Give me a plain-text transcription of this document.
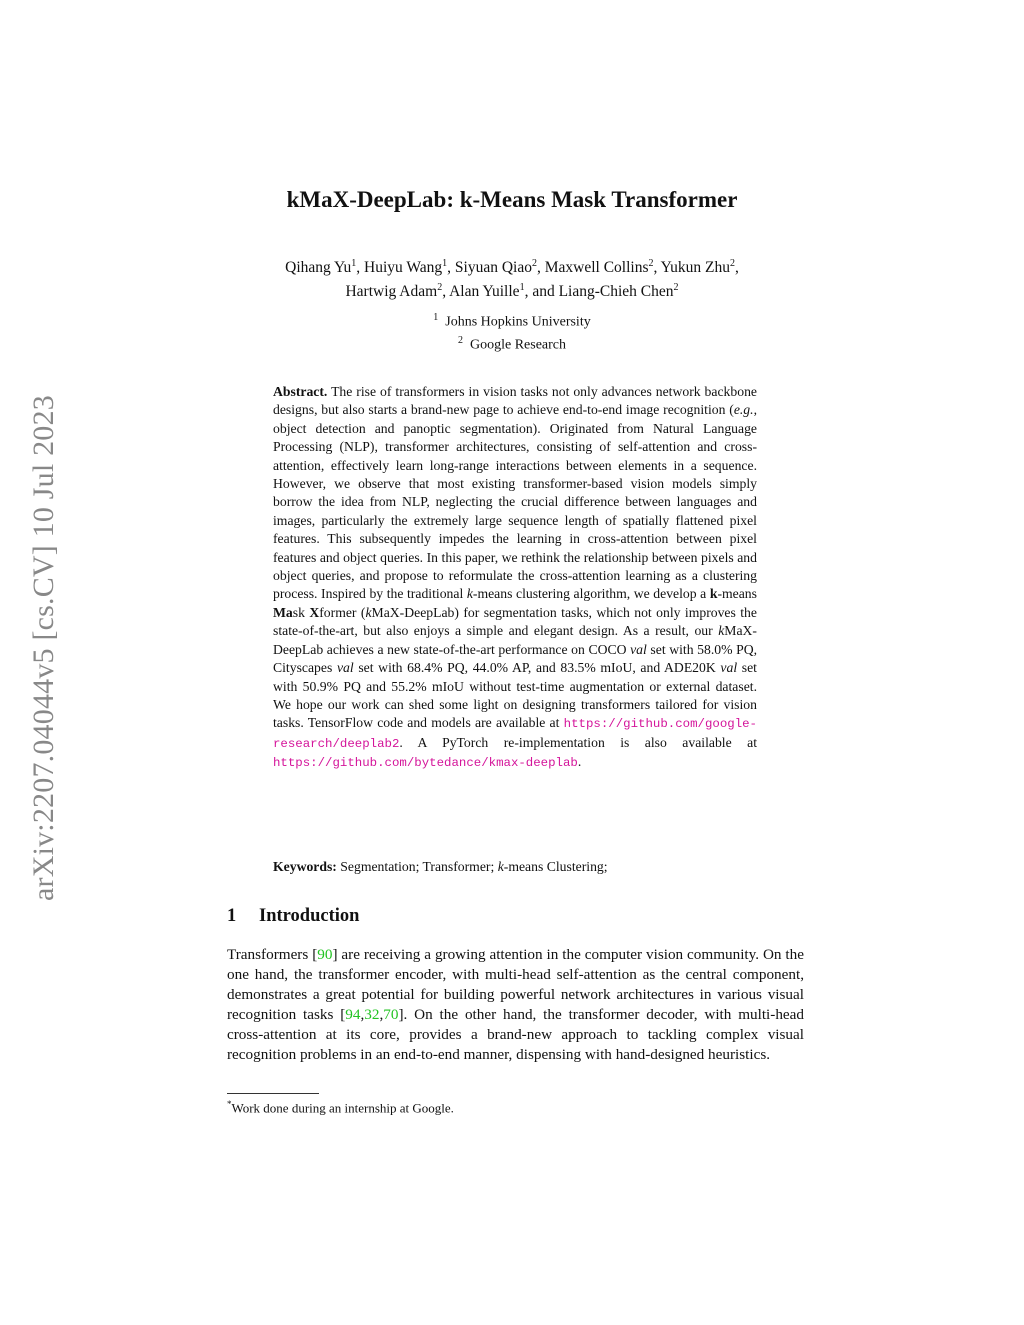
arXiv:2207.04044v5 [cs.CV] 10 Jul 2023
kMaX-DeepLab: k-Means Mask Transformer
Qihang Yu$^1$, Huiyu Wang$^1$, Siyuan Qiao$^2$, Maxwell Collins$^2$, Yukun Zhu$^2$,
Hartwig Adam$^2$, Alan Yuille$^1$, and Liang-Chieh Chen$^2$
$^1$ Johns Hopkins University
$^2$ Google Research
Abstract. The rise of transformers in vision tasks not only advances network backbone designs, but also starts a brand-new page to achieve end-to-end image recognition (e.g., object detection and panoptic segmentation). Originated from Natural Language Processing (NLP), transformer architectures, consisting of self-attention and cross-attention, effectively learn long-range interactions between elements in a sequence. However, we observe that most existing transformer-based vision models simply borrow the idea from NLP, neglecting the crucial difference between languages and images, particularly the extremely large sequence length of spatially flattened pixel features. This subsequently impedes the learning in cross-attention between pixel features and object queries. In this paper, we rethink the relationship between pixels and object queries, and propose to reformulate the cross-attention learning as a clustering process. Inspired by the traditional k-means clustering algorithm, we develop a k-means Mask Xformer (kMaX-DeepLab) for segmentation tasks, which not only improves the state-of-the-art, but also enjoys a simple and elegant design. As a result, our kMaX-DeepLab achieves a new state-of-the-art performance on COCO val set with 58.0% PQ, Cityscapes val set with 68.4% PQ, 44.0% AP, and 83.5% mIoU, and ADE20K val set with 50.9% PQ and 55.2% mIoU without test-time augmentation or external dataset. We hope our work can shed some light on designing transformers tailored for vision tasks. TensorFlow code and models are available at https://github.com/google-research/deeplab2. A PyTorch re-implementation is also available at https://github.com/bytedance/kmax-deeplab.
Keywords: Segmentation; Transformer; k-means Clustering;
1 Introduction
Transformers [90] are receiving a growing attention in the computer vision community. On the one hand, the transformer encoder, with multi-head self-attention as the central component, demonstrates a great potential for building powerful network architectures in various visual recognition tasks [94,32,70]. On the other hand, the transformer decoder, with multi-head cross-attention at its core, provides a brand-new approach to tackling complex visual recognition problems in an end-to-end manner, dispensing with hand-designed heuristics.
*Work done during an internship at Google.
